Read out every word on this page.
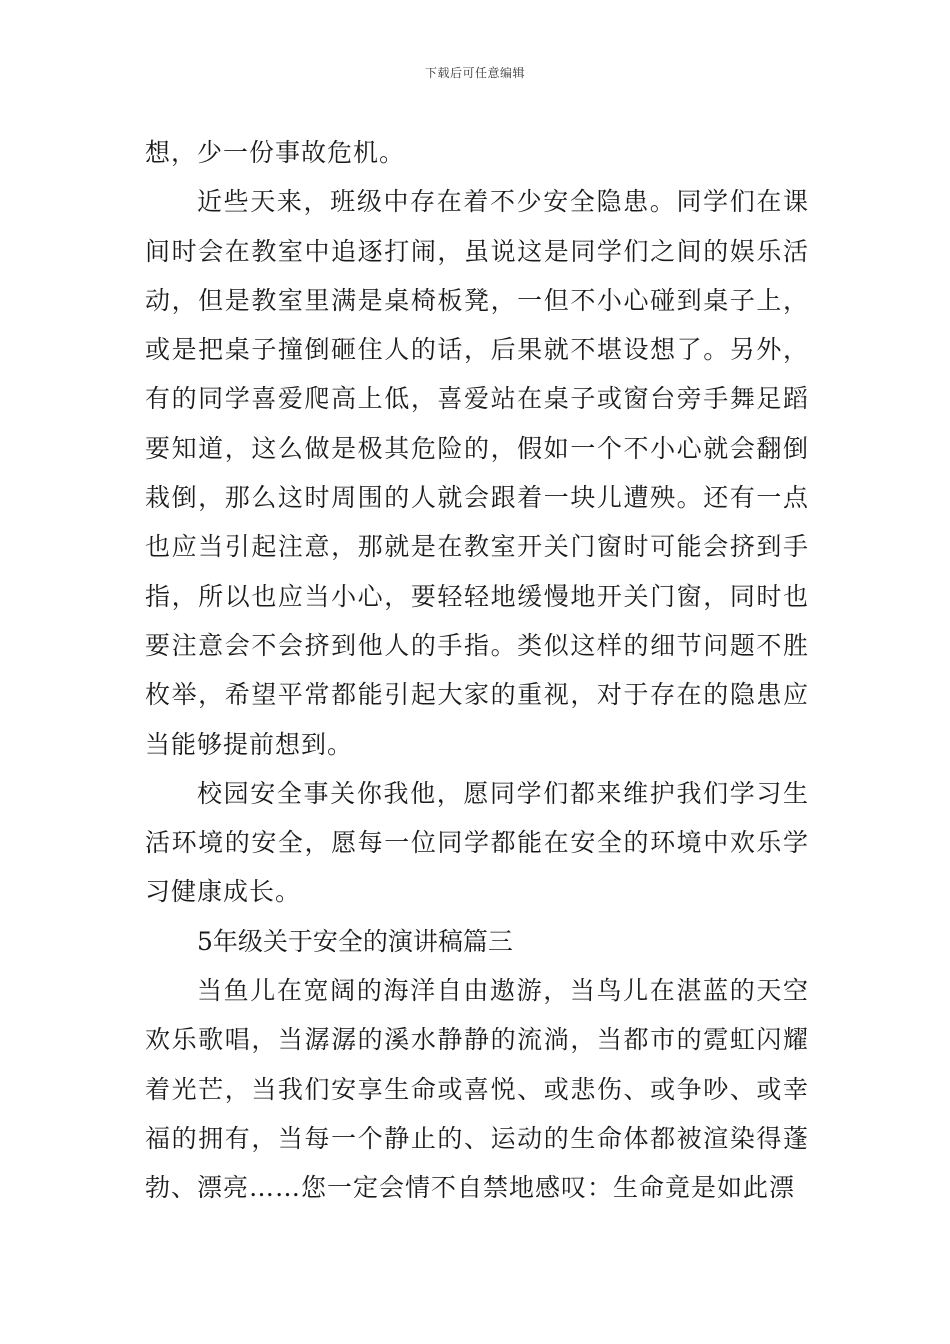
下载后可任意编辑

想，少一份事故危机。

近些天来，班级中存在着不少安全隐患。同学们在课间时会在教室中追逐打闹，虽说这是同学们之间的娱乐活动，但是教室里满是桌椅板凳，一但不小心碰到桌子上，或是把桌子撞倒砸住人的话，后果就不堪设想了。另外，有的同学喜爱爬高上低，喜爱站在桌子或窗台旁手舞足蹈要知道，这么做是极其危险的，假如一个不小心就会翻倒栽倒，那么这时周围的人就会跟着一块儿遭殃。还有一点也应当引起注意，那就是在教室开关门窗时可能会挤到手指，所以也应当小心，要轻轻地缓慢地开关门窗，同时也要注意会不会挤到他人的手指。类似这样的细节问题不胜枚举，希望平常都能引起大家的重视，对于存在的隐患应当能够提前想到。

校园安全事关你我他，愿同学们都来维护我们学习生活环境的安全，愿每一位同学都能在安全的环境中欢乐学习健康成长。

5年级关于安全的演讲稿篇三

当鱼儿在宽阔的海洋自由遨游，当鸟儿在湛蓝的天空欢乐歌唱，当潺潺的溪水静静的流淌，当都市的霓虹闪耀着光芒，当我们安享生命或喜悦、或悲伤、或争吵、或幸福的拥有，当每一个静止的、运动的生命体都被渲染得蓬勃、漂亮……您一定会情不自禁地感叹：生命竟是如此漂
